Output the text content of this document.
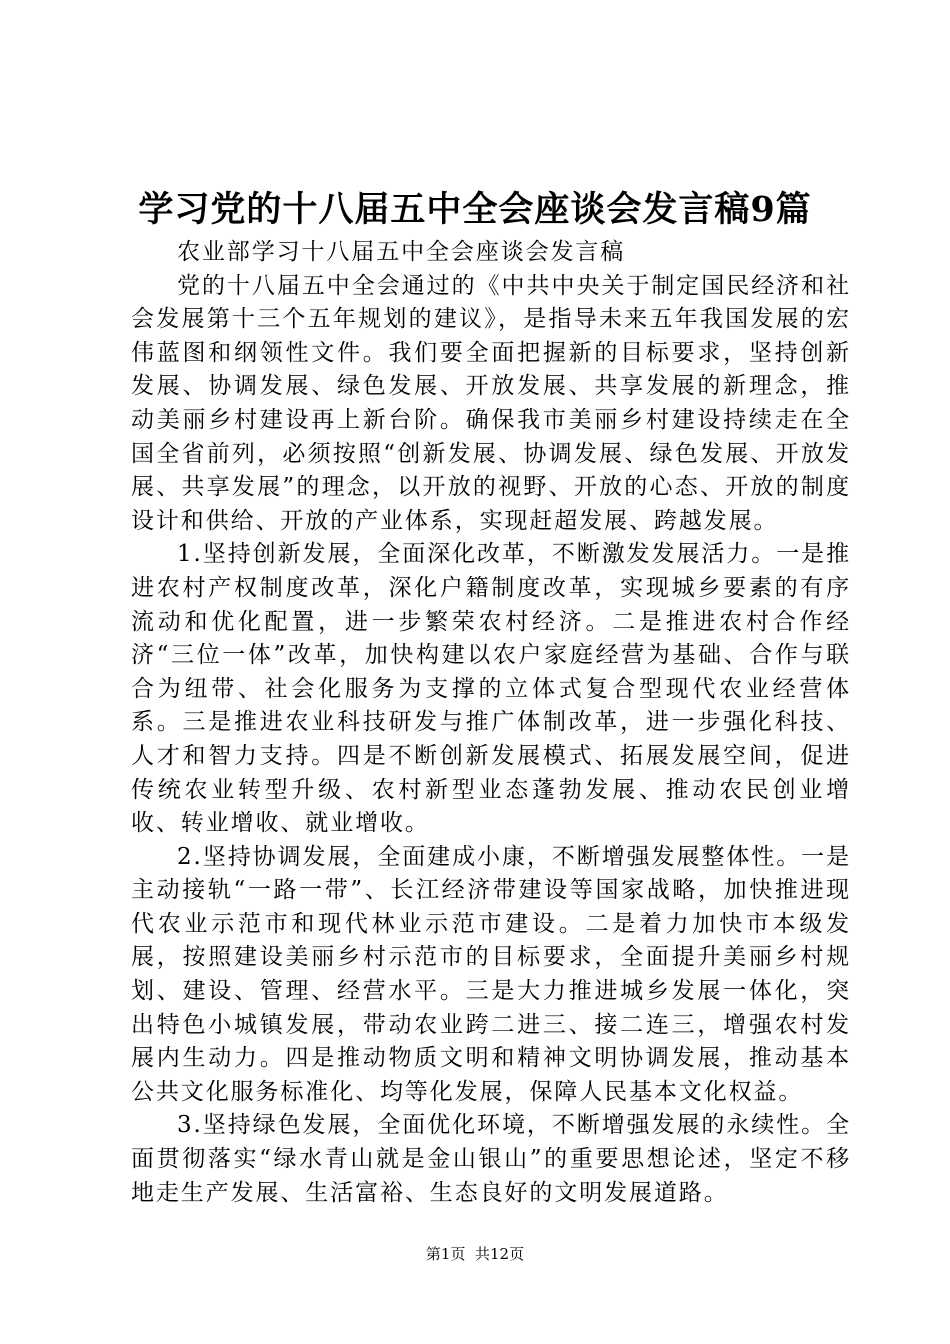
学习党的十八届五中全会座谈会发言稿9篇

农业部学习十八届五中全会座谈会发言稿

党的十八届五中全会通过的《中共中央关于制定国民经济和社会发展第十三个五年规划的建议》，是指导未来五年我国发展的宏伟蓝图和纲领性文件。我们要全面把握新的目标要求，坚持创新发展、协调发展、绿色发展、开放发展、共享发展的新理念，推动美丽乡村建设再上新台阶。确保我市美丽乡村建设持续走在全国全省前列，必须按照“创新发展、协调发展、绿色发展、开放发展、共享发展”的理念，以开放的视野、开放的心态、开放的制度设计和供给、开放的产业体系，实现赶超发展、跨越发展。

1.坚持创新发展，全面深化改革，不断激发发展活力。一是推进农村产权制度改革，深化户籍制度改革，实现城乡要素的有序流动和优化配置，进一步繁荣农村经济。二是推进农村合作经济“三位一体”改革，加快构建以农户家庭经营为基础、合作与联合为纽带、社会化服务为支撑的立体式复合型现代农业经营体系。三是推进农业科技研发与推广体制改革，进一步强化科技、人才和智力支持。四是不断创新发展模式、拓展发展空间，促进传统农业转型升级、农村新型业态蓬勃发展、推动农民创业增收、转业增收、就业增收。

2.坚持协调发展，全面建成小康，不断增强发展整体性。一是主动接轨“一路一带”、长江经济带建设等国家战略，加快推进现代农业示范市和现代林业示范市建设。二是着力加快市本级发展，按照建设美丽乡村示范市的目标要求，全面提升美丽乡村规划、建设、管理、经营水平。三是大力推进城乡发展一体化，突出特色小城镇发展，带动农业跨二进三、接二连三，增强农村发展内生动力。四是推动物质文明和精神文明协调发展，推动基本公共文化服务标准化、均等化发展，保障人民基本文化权益。

3.坚持绿色发展，全面优化环境，不断增强发展的永续性。全面贯彻落实“绿水青山就是金山银山”的重要思想论述，坚定不移地走生产发展、生活富裕、生态良好的文明发展道路。

第1页  共12页
